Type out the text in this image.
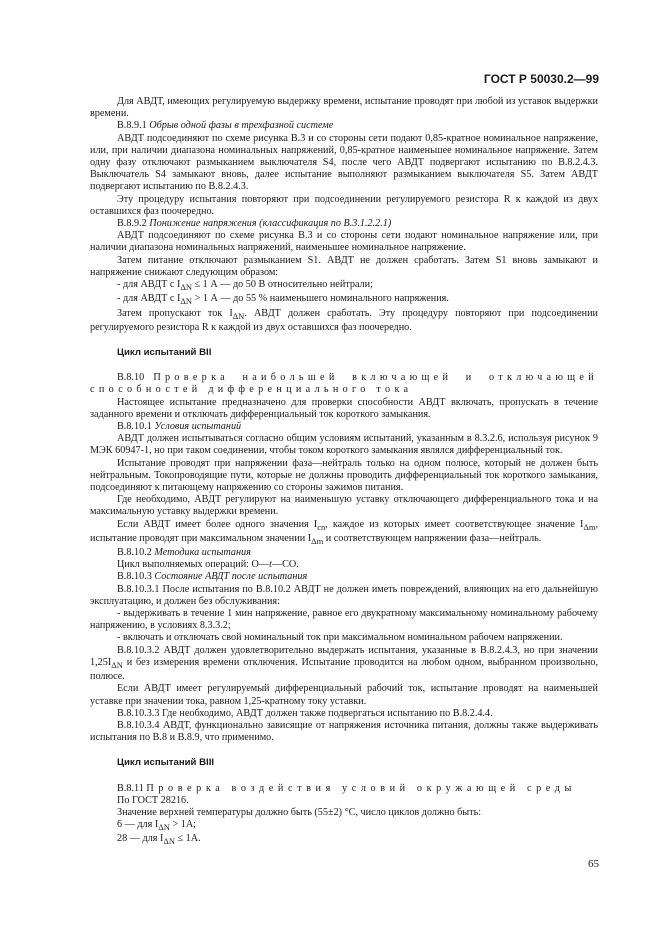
ГОСТ Р 50030.2—99

Для АВДТ, имеющих регулируемую выдержку времени, испытание проводят при любой из уставок выдержки времени.

В.8.9.1 Обрыв одной фазы в трехфазной системе

АВДТ подсоединяют по схеме рисунка В.3 и со стороны сети подают 0,85-кратное номинальное напряжение, или, при наличии диапазона номинальных напряжений, 0,85-кратное наименьшее номинальное напряжение. Затем одну фазу отключают размыканием выключателя S4, после чего АВДТ подвергают испытанию по В.8.2.4.3. Выключатель S4 замыкают вновь, далее испытание выполняют размыканием выключателя S5. Затем АВДТ подвергают испытанию по В.8.2.4.3.

Эту процедуру испытания повторяют при подсоединении регулируемого резистора R к каждой из двух оставшихся фаз поочередно.

В.8.9.2 Понижение напряжения (классификация по В.3.1.2.2.1)

АВДТ подсоединяют по схеме рисунка В.3 и со стороны сети подают номинальное напряжение или, при наличии диапазона номинальных напряжений, наименьшее номинальное напряжение.

Затем питание отключают размыканием S1. АВДТ не должен сработать. Затем S1 вновь замыкают и напряжение снижают следующим образом:

- для АВДТ с $I_{\Delta N} \le 1$ А — до 50 В относительно нейтрали;

- для АВДТ с $I_{\Delta N} > 1$ А — до 55 % наименьшего номинального напряжения.

Затем пропускают ток $I_{\Delta N}$. АВДТ должен сработать. Эту процедуру повторяют при подсоединении регулируемого резистора R к каждой из двух оставшихся фаз поочередно.

Цикл испытаний ВII

В.8.10 Проверка наибольшей включающей и отключающей способностей дифференциального тока

Настоящее испытание предназначено для проверки способности АВДТ включать, пропускать в течение заданного времени и отключать дифференциальный ток короткого замыкания.

В.8.10.1 Условия испытаний

АВДТ должен испытываться согласно общим условиям испытаний, указанным в 8.3.2.6, используя рисунок 9 МЭК 60947-1, но при таком соединении, чтобы током короткого замыкания являлся дифференциальный ток.

Испытание проводят при напряжении фаза—нейтраль только на одном полюсе, который не должен быть нейтральным. Токопроводящие пути, которые не должны проводить дифференциальный ток короткого замыкания, подсоединяют к питающему напряжению со стороны зажимов питания.

Где необходимо, АВДТ регулируют на наименьшую уставку отключающего дифференциального тока и на максимальную уставку выдержки времени.

Если АВДТ имеет более одного значения $I_{cn}$, каждое из которых имеет соответствующее значение $I_{\Delta m}$, испытание проводят при максимальном значении $I_{\Delta m}$ и соответствующем напряжении фаза—нейтраль.

В.8.10.2 Методика испытания

Цикл выполняемых операций: O—t—CO.

В.8.10.3 Состояние АВДТ после испытания

В.8.10.3.1 После испытания по В.8.10.2 АВДТ не должен иметь повреждений, влияющих на его дальнейшую эксплуатацию, и должен без обслуживания:

- выдерживать в течение 1 мин напряжение, равное его двукратному максимальному номинальному рабочему напряжению, в условиях 8.3.3.2;

- включать и отключать свой номинальный ток при максимальном номинальном рабочем напряжении.

В.8.10.3.2 АВДТ должен удовлетворительно выдержать испытания, указанные в В.8.2.4.3, но при значении $1,25I_{\Delta N}$ и без измерения времени отключения. Испытание проводится на любом одном, выбранном произвольно, полюсе.

Если АВДТ имеет регулируемый дифференциальный рабочий ток, испытание проводят на наименьшей уставке при значении тока, равном 1,25-кратному току уставки.

В.8.10.3.3 Где необходимо, АВДТ должен также подвергаться испытанию по В.8.2.4.4.

В.8.10.3.4 АВДТ, функционально зависящие от напряжения источника питания, должны также выдерживать испытания по В.8 и В.8.9, что применимо.

Цикл испытаний ВIII

В.8.11 Проверка воздействия условий окружающей среды

По ГОСТ 28216.

Значение верхней температуры должно быть (55±2) °С, число циклов должно быть:

6 — для $I_{\Delta N} > 1А$;

28 — для $I_{\Delta N} \le 1А$.

65
